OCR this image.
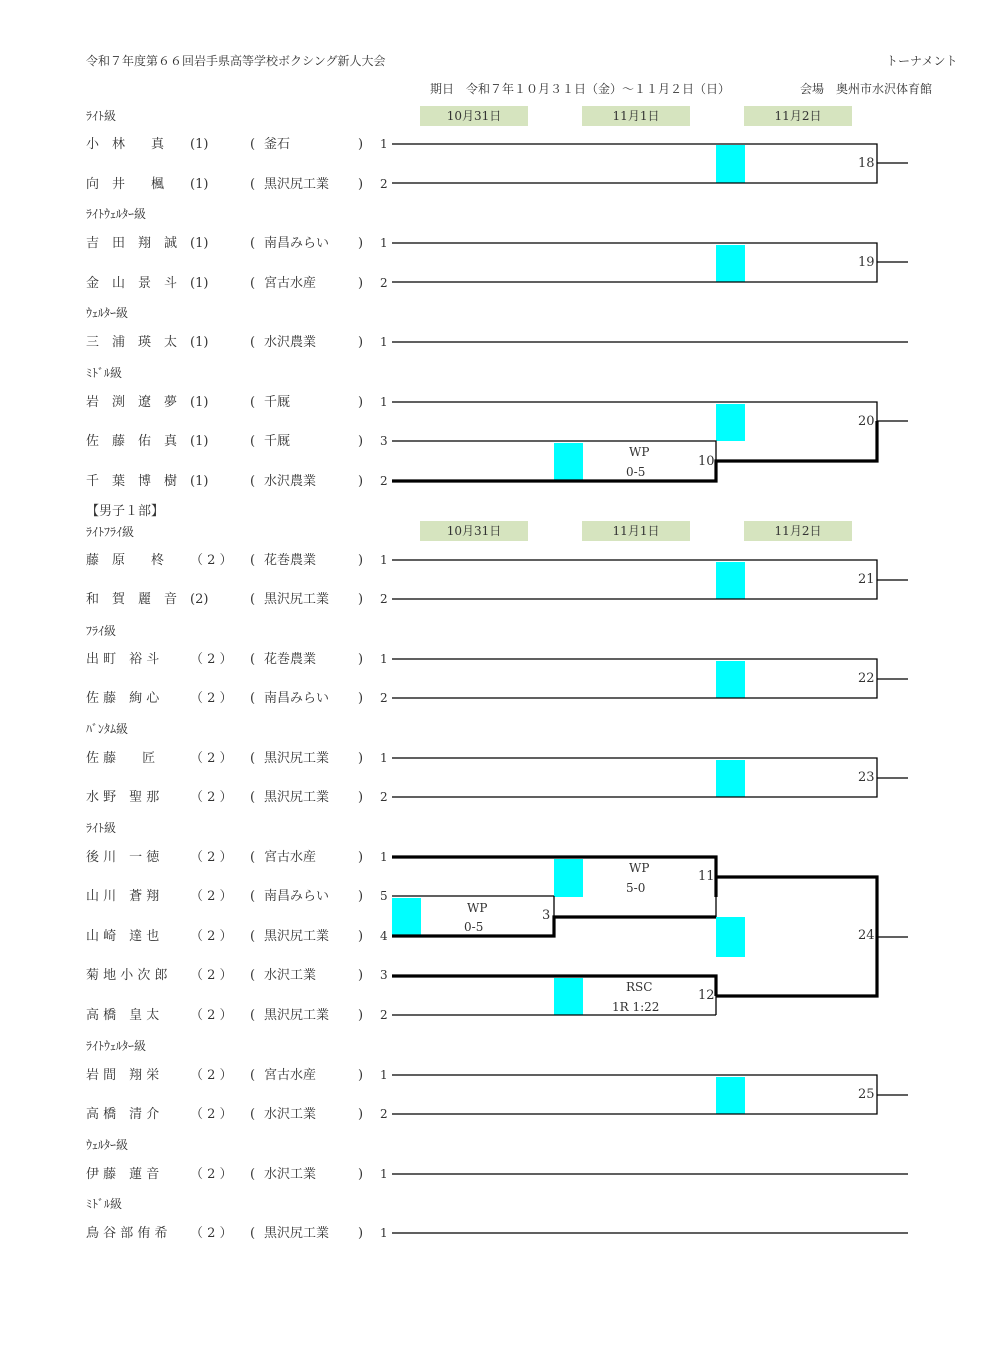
令和７年度第６６回岩手県高等学校ボクシング新人大会	トーナメント
期日　令和７年１０月３１日（金）～１１月２日（日）	会場　奥州市水沢体育館
10月31日	11月1日	11月2日
10月31日	11月1日	11月2日
ﾗｲﾄ級
ﾗｲﾄｳｪﾙﾀｰ級
ｳｪﾙﾀｰ級
ﾐﾄﾞﾙ級
【男子１部】
ﾗｲﾄﾌﾗｲ級
ﾌﾗｲ級
ﾊﾞﾝﾀﾑ級
ﾗｲﾄ級
ﾗｲﾄｳｪﾙﾀｰ級
ｳｪﾙﾀｰ級
ﾐﾄﾞﾙ級
小　林　　真 (1)	( 釜石	) 1
向　井　　楓 (1)	( 黒沢尻工業 ) 2
吉　田　翔　誠 (1)	( 南昌みらい ) 1
金　山　景　斗 (1)	( 宮古水産	) 2
三　浦　瑛　太 (1)	( 水沢農業	) 1
岩　渕　遼　夢 (1)	( 千厩	) 1
佐　藤　佑　真 (1)	( 千厩	) 3
千　葉　博　樹 (1)	( 水沢農業	) 2
藤　原　　柊 （ 2 ） ( 花巻農業	) 1
和　賀　麗　音 (2)	( 黒沢尻工業 ) 2
出 町　裕 斗 （ 2 ） ( 花巻農業	) 1
佐 藤　絢 心 （ 2 ） ( 南昌みらい ) 2
佐 藤　　匠	（ 2 ） ( 黒沢尻工業 ) 1
水 野　聖 那 （ 2 ） ( 黒沢尻工業 ) 2
後 川　一 徳 （ 2 ） ( 宮古水産	) 1
山 川　蒼 翔 （ 2 ） ( 南昌みらい ) 5
山 崎　達 也 （ 2 ） ( 黒沢尻工業 ) 4
菊 地 小 次 郎 （ 2 ） ( 水沢工業	) 3
高 橋　皇 太 （ 2 ） ( 黒沢尻工業 ) 2
岩 間　翔 栄 （ 2 ） ( 宮古水産	) 1
高 橋　清 介 （ 2 ） ( 水沢工業	) 2
伊 藤　蓮 音 （ 2 ） ( 水沢工業	) 1
鳥 谷 部 侑 希 （ 2 ） ( 黒沢尻工業 ) 1
18
19
20
10
21
22
23
3
11
12
24
25
WP
0-5
WP
0-5
WP
5-0
RSC
1R 1:22
